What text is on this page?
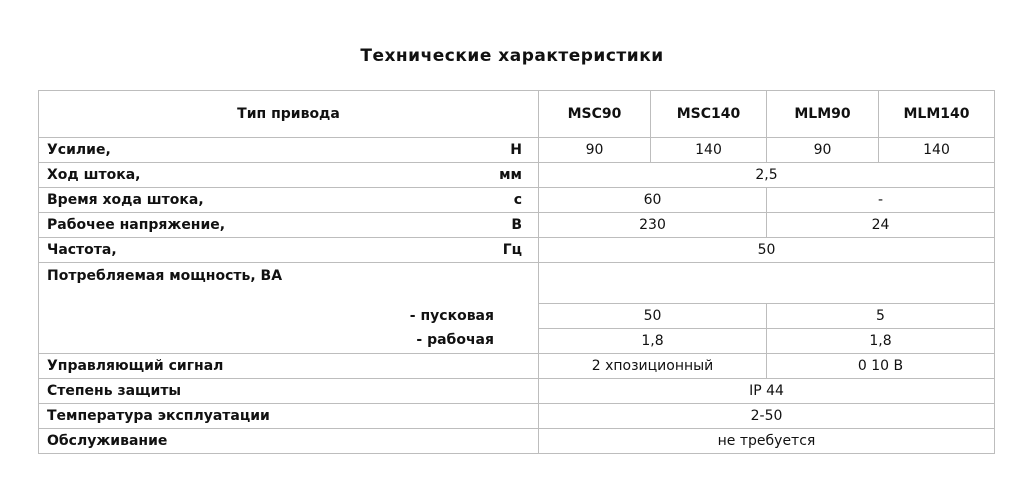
Технические характеристики
Тип привода		MSC90	MSC140	MLM90	MLM140
Усилие,	Н	90	140	90	140
Ход штока,	мм	2,5			
Время хода штока,	с	60		-	
Рабочее напряжение,	В	230		24	
Частота,	Гц	50			
Потребляемая мощность, ВА					
- пусковая		50		5	
- рабочая		1,8		1,8	
Управляющий сигнал		2 хпозиционный		0 10 В	
Степень защиты		IP 44			
Температура эксплуатации		2-50			
Обслуживание		не требуется			
